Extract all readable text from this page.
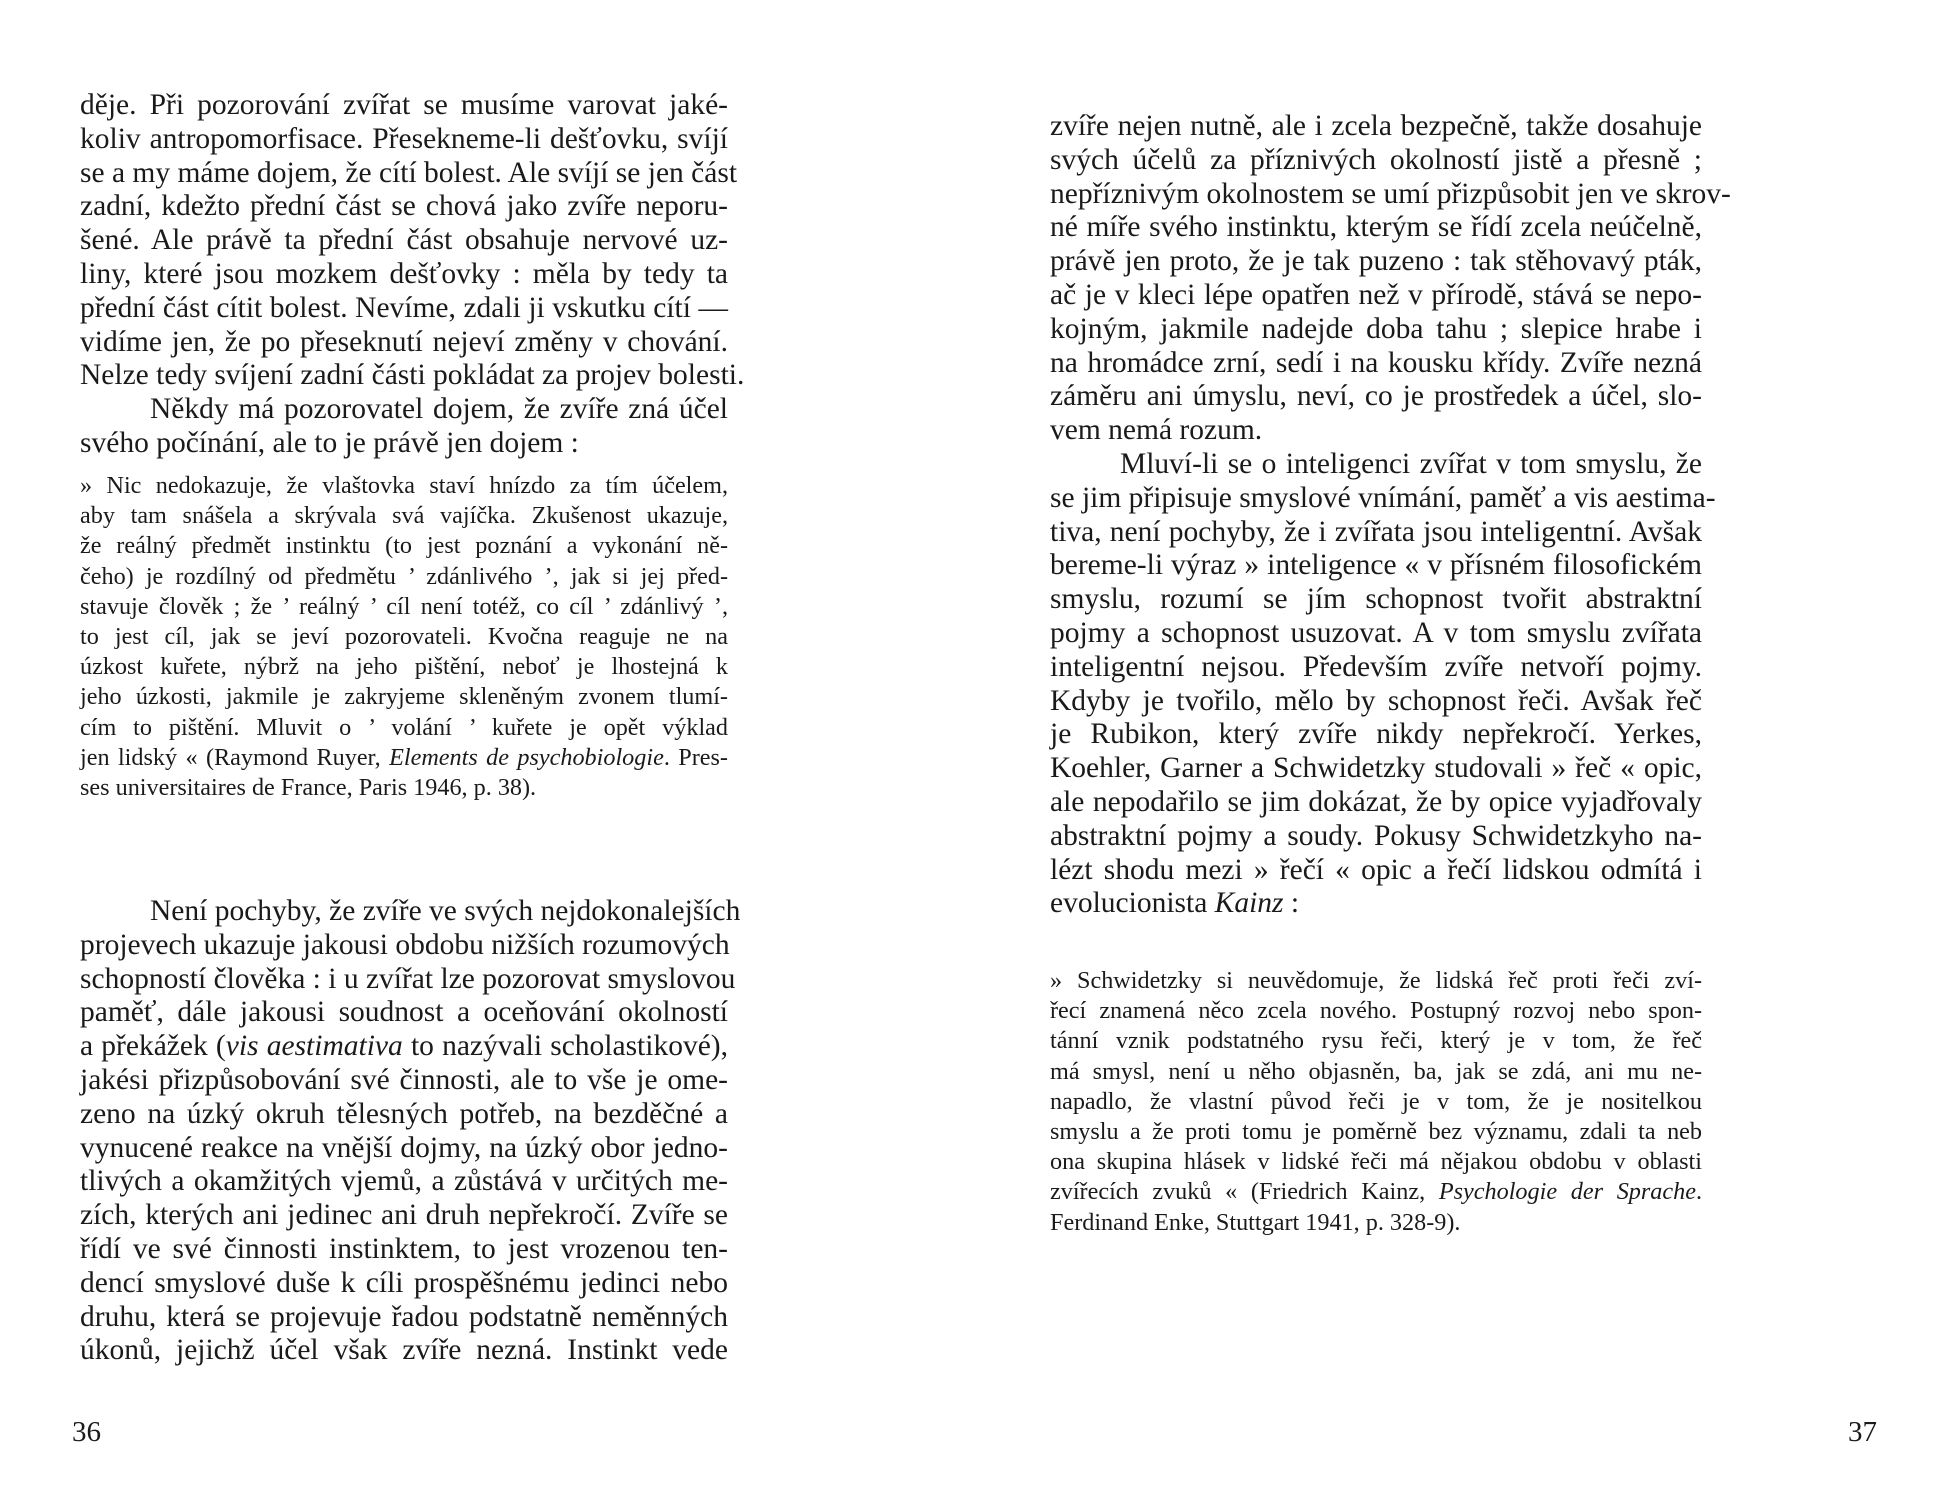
děje. Při pozorování zvířat se musíme varovat jaké-
koliv antropomorfisace. Přesekneme-li dešťovku, svíjí
se a my máme dojem, že cítí bolest. Ale svíjí se jen část
zadní, kdežto přední část se chová jako zvíře neporu-
šené. Ale právě ta přední část obsahuje nervové uz-
liny, které jsou mozkem dešťovky : měla by tedy ta
přední část cítit bolest. Nevíme, zdali ji vskutku cítí —
vidíme jen, že po přeseknutí nejeví změny v chování.
Nelze tedy svíjení zadní části pokládat za projev bolesti.
Někdy má pozorovatel dojem, že zvíře zná účel
svého počínání, ale to je právě jen dojem :
» Nic nedokazuje, že vlaštovka staví hnízdo za tím účelem,
aby tam snášela a skrývala svá vajíčka. Zkušenost ukazuje,
že reálný předmět instinktu (to jest poznání a vykonání ně-
čeho) je rozdílný od předmětu ’ zdánlivého ’, jak si jej před-
stavuje člověk ; že ’ reálný ’ cíl není totéž, co cíl ’ zdánlivý ’,
to jest cíl, jak se jeví pozorovateli. Kvočna reaguje ne na
úzkost kuřete, nýbrž na jeho pištění, neboť je lhostejná k
jeho úzkosti, jakmile je zakryjeme skleněným zvonem tlumí-
cím to pištění. Mluvit o ’ volání ’ kuřete je opět výklad
jen lidský « (Raymond Ruyer, Elements de psychobiologie. Pres-
ses universitaires de France, Paris 1946, p. 38).
Není pochyby, že zvíře ve svých nejdokonalejších
projevech ukazuje jakousi obdobu nižších rozumových
schopností člověka : i u zvířat lze pozorovat smyslovou
paměť, dále jakousi soudnost a oceňování okolností
a překážek (vis aestimativa to nazývali scholastikové),
jakési přizpůsobování své činnosti, ale to vše je ome-
zeno na úzký okruh tělesných potřeb, na bezděčné a
vynucené reakce na vnější dojmy, na úzký obor jedno-
tlivých a okamžitých vjemů, a zůstává v určitých me-
zích, kterých ani jedinec ani druh nepřekročí. Zvíře se
řídí ve své činnosti instinktem, to jest vrozenou ten-
dencí smyslové duše k cíli prospěšnému jedinci nebo
druhu, která se projevuje řadou podstatně neměnných
úkonů, jejichž účel však zvíře nezná. Instinkt vede
36
zvíře nejen nutně, ale i zcela bezpečně, takže dosahuje
svých účelů za příznivých okolností jistě a přesně ;
nepříznivým okolnostem se umí přizpůsobit jen ve skrov-
né míře svého instinktu, kterým se řídí zcela neúčelně,
právě jen proto, že je tak puzeno : tak stěhovavý pták,
ač je v kleci lépe opatřen než v přírodě, stává se nepo-
kojným, jakmile nadejde doba tahu ; slepice hrabe i
na hromádce zrní, sedí i na kousku křídy. Zvíře nezná
záměru ani úmyslu, neví, co je prostředek a účel, slo-
vem nemá rozum.
Mluví-li se o inteligenci zvířat v tom smyslu, že
se jim připisuje smyslové vnímání, paměť a vis aestima-
tiva, není pochyby, že i zvířata jsou inteligentní. Avšak
bereme-li výraz » inteligence « v přísném filosofickém
smyslu, rozumí se jím schopnost tvořit abstraktní
pojmy a schopnost usuzovat. A v tom smyslu zvířata
inteligentní nejsou. Především zvíře netvoří pojmy.
Kdyby je tvořilo, mělo by schopnost řeči. Avšak řeč
je Rubikon, který zvíře nikdy nepřekročí. Yerkes,
Koehler, Garner a Schwidetzky studovali » řeč « opic,
ale nepodařilo se jim dokázat, že by opice vyjadřovaly
abstraktní pojmy a soudy. Pokusy Schwidetzkyho na-
lézt shodu mezi » řečí « opic a řečí lidskou odmítá i
evolucionista Kainz :
» Schwidetzky si neuvědomuje, že lidská řeč proti řeči zví-
řecí znamená něco zcela nového. Postupný rozvoj nebo spon-
tánní vznik podstatného rysu řeči, který je v tom, že řeč
má smysl, není u něho objasněn, ba, jak se zdá, ani mu ne-
napadlo, že vlastní původ řeči je v tom, že je nositelkou
smyslu a že proti tomu je poměrně bez významu, zdali ta neb
ona skupina hlásek v lidské řeči má nějakou obdobu v oblasti
zvířecích zvuků « (Friedrich Kainz, Psychologie der Sprache.
Ferdinand Enke, Stuttgart 1941, p. 328-9).
37
